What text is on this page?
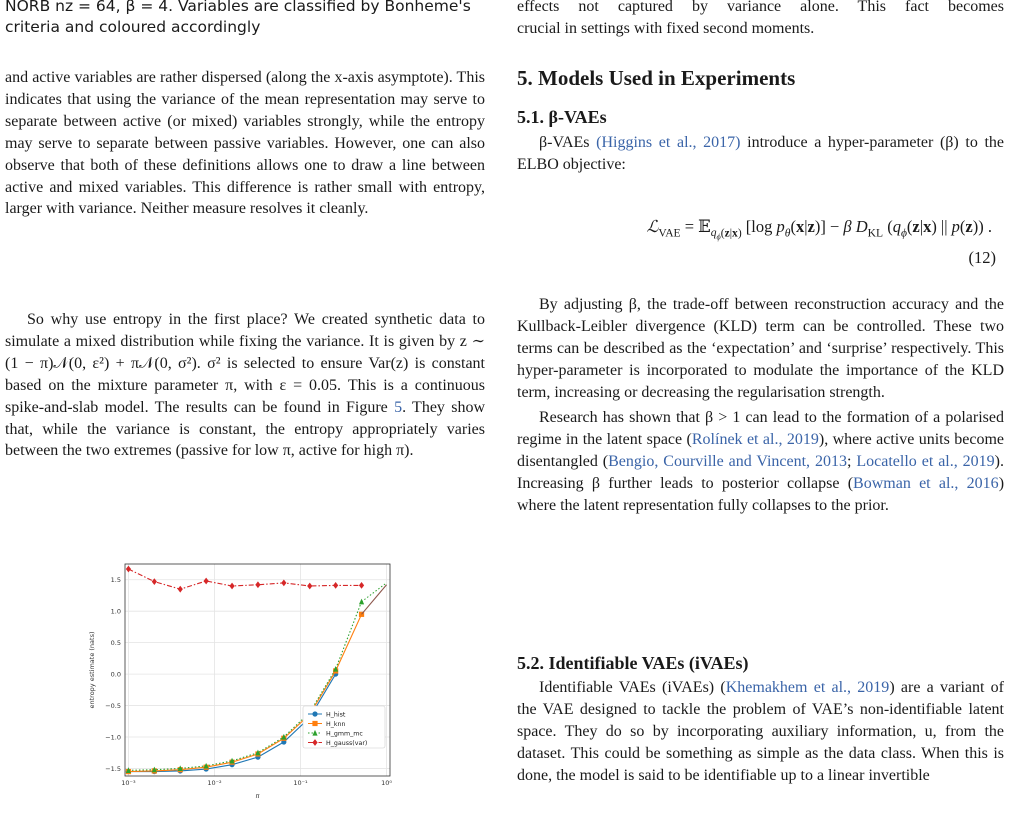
NORB nz = 64, β = 4. Variables are classified by Bonheme's
criteria and coloured accordingly

and active variables are rather dispersed (along the x-axis asymptote). This indicates that using the variance of the mean representation may serve to separate between active (or mixed) variables strongly, while the entropy may serve to separate between passive variables. However, one can also observe that both of these definitions allows one to draw a line between active and mixed variables. This difference is rather small with entropy, larger with variance. Neither measure resolves it cleanly.

So why use entropy in the first place? We created synthetic data to simulate a mixed distribution while fixing the variance. It is given by z ∼ (1 − π)𝒩(0, ε²) + π𝒩(0, σ²). σ² is selected to ensure Var(z) is constant based on the mixture parameter π, with ε = 0.05. This is a continuous spike-and-slab model. The results can be found in Figure 5. They show that, while the variance is constant, the entropy appropriately varies between the two extremes (passive for low π, active for high π).

1.5
1.0
0.5
0.0
−0.5
−1.0
−1.5
10⁻³	10⁻²	10⁻¹	10⁰
π
entropy estimate (nats)
H_hist
H_knn
H_gmm_mc
H_gauss(var)

effects not captured by variance alone. This fact becomes
crucial in settings with fixed second moments.

5. Models Used in Experiments
5.1. β-VAEs

β-VAEs (Higgins et al., 2017) introduce a hyper-parameter (β) to the ELBO objective:

ℒ$_{VAE}$ = 𝔼$_{q_\phi(z|x)}$ [log $p_\theta(x|z)] - \beta$ $D_{KL}$ ($q_\phi(z|x)$ || p(z)) .
(12)

By adjusting β, the trade-off between reconstruction accuracy and the Kullback-Leibler divergence (KLD) term can be controlled. These two terms can be described as the ‘expectation’ and ‘surprise’ respectively. This hyper-parameter is incorporated to modulate the importance of the KLD term, increasing or decreasing the regularisation strength.

Research has shown that β > 1 can lead to the formation of a polarised regime in the latent space (Rolínek et al., 2019), where active units become disentangled (Bengio, Courville and Vincent, 2013; Locatello et al., 2019). Increasing β further leads to posterior collapse (Bowman et al., 2016) where the latent representation fully collapses to the prior.

5.2. Identifiable VAEs (iVAEs)

Identifiable VAEs (iVAEs) (Khemakhem et al., 2019) are a variant of the VAE designed to tackle the problem of VAE’s non-identifiable latent space. They do so by incorporating auxiliary information, u, from the dataset. This could be something as simple as the data class. When this is done, the model is said to be identifiable up to a linear invertible
